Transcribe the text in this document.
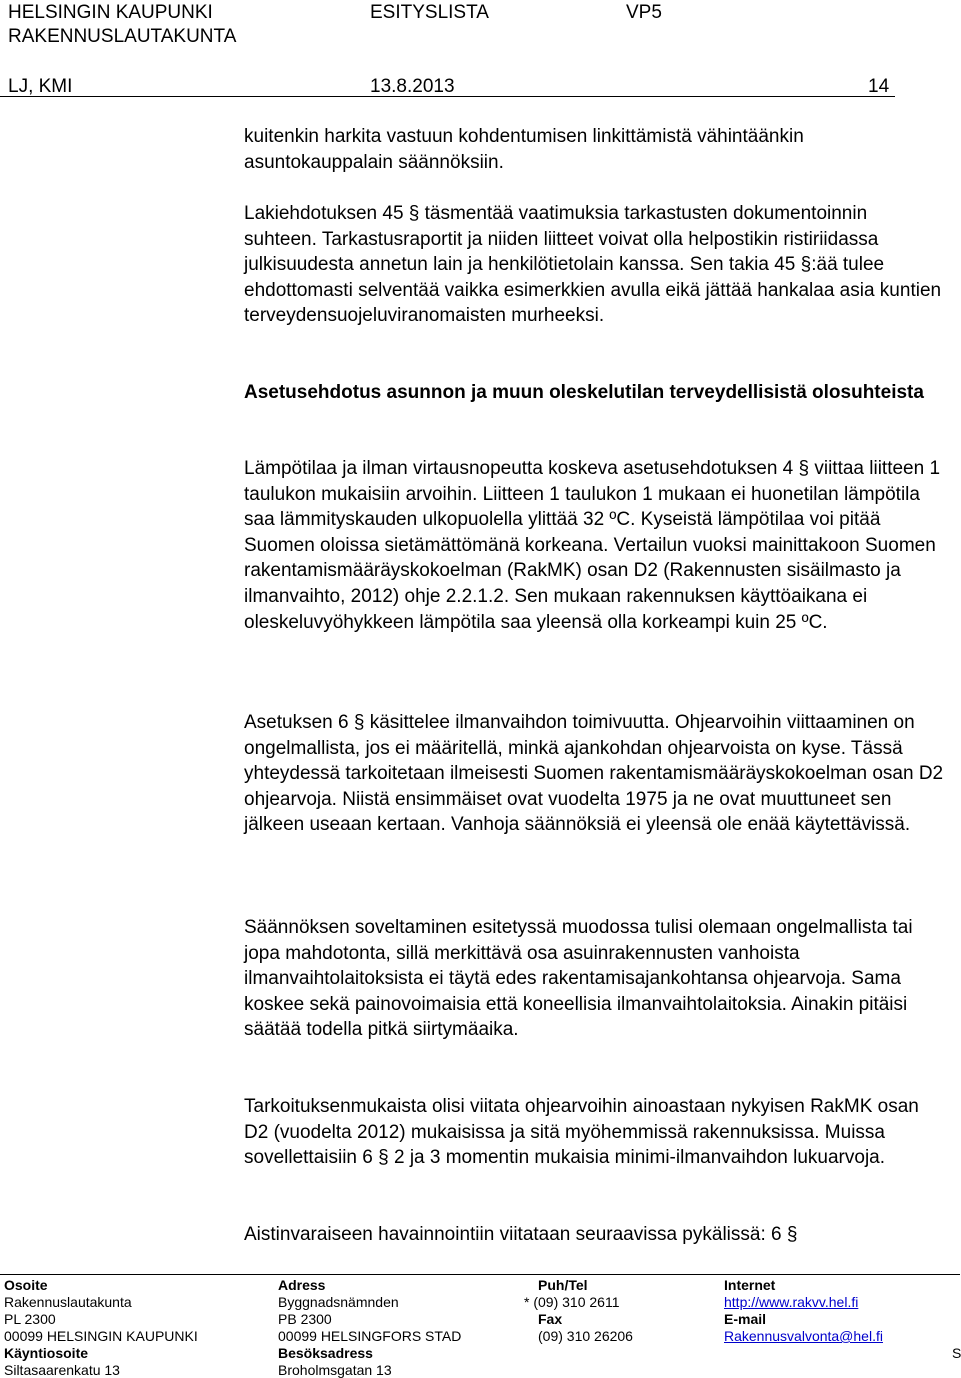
HELSINGIN KAUPUNKI
RAKENNUSLAUTAKUNTA
ESITYSLISTA	VP5
LJ, KMI	13.8.2013	14

kuitenkin harkita vastuun kohdentumisen linkittämistä vähintäänkin asuntokauppalain säännöksiin.

Lakiehdotuksen 45 § täsmentää vaatimuksia tarkastusten dokumentoinnin suhteen. Tarkastusraportit ja niiden liitteet voivat olla helpostikin ristiriidassa julkisuudesta annetun lain ja henkilötietolain kanssa. Sen takia 45 §:ää tulee ehdottomasti selventää vaikka esimerkkien avulla eikä jättää hankalaa asia kuntien terveydensuojeluviranomaisten murheeksi.

Asetusehdotus asunnon ja muun oleskelutilan terveydellisistä olosuhteista

Lämpötilaa ja ilman virtausnopeutta koskeva asetusehdotuksen 4 § viittaa liitteen 1 taulukon mukaisiin arvoihin. Liitteen 1 taulukon 1 mukaan ei huonetilan lämpötila saa lämmityskauden ulkopuolella ylittää 32 ºC. Kyseistä lämpötilaa voi pitää Suomen oloissa sietämättömänä korkeana. Vertailun vuoksi mainittakoon Suomen rakentamismääräyskokoelman (RakMK) osan D2 (Rakennusten sisäilmasto ja ilmanvaihto, 2012) ohje 2.2.1.2. Sen mukaan rakennuksen käyttöaikana ei oleskeluvyöhykkeen lämpötila saa yleensä olla korkeampi kuin 25 ºC.

Asetuksen 6 § käsittelee ilmanvaihdon toimivuutta. Ohjearvoihin viittaaminen on ongelmallista, jos ei määritellä, minkä ajankohdan ohjearvoista on kyse. Tässä yhteydessä tarkoitetaan ilmeisesti Suomen rakentamismääräyskokoelman osan D2 ohjearvoja. Niistä ensimmäiset ovat vuodelta 1975 ja ne ovat muuttuneet sen jälkeen useaan kertaan. Vanhoja säännöksiä ei yleensä ole enää käytettävissä.

Säännöksen soveltaminen esitetyssä muodossa tulisi olemaan ongelmallista tai jopa mahdotonta, sillä merkittävä osa asuinrakennusten vanhoista ilmanvaihtolaitoksista ei täytä edes rakentamisajankohtansa ohjearvoja. Sama koskee sekä painovoimaisia että koneellisia ilmanvaihtolaitoksia. Ainakin pitäisi säätää todella pitkä siirtymäaika.

Tarkoituksenmukaista olisi viitata ohjearvoihin ainoastaan nykyisen RakMK osan D2 (vuodelta 2012) mukaisissa ja sitä myöhemmissä rakennuksissa. Muissa sovellettaisiin 6 § 2 ja 3 momentin mukaisia minimi-ilmanvaihdon lukuarvoja.

Aistinvaraiseen havainnointiin viitataan seuraavissa pykälissä: 6 §

Osoite
Rakennuslautakunta
PL 2300
00099 HELSINGIN KAUPUNKI
Käyntiosoite
Siltasaarenkatu 13
Adress
Byggnadsnämnden
PB 2300
00099 HELSINGFORS STAD
Besöksadress
Broholmsgatan 13
Puh/Tel
* (09) 310 2611
Fax
(09) 310 26206
Internet
http://www.rakvv.hel.fi
E-mail
Rakennusvalvonta@hel.fi
S
